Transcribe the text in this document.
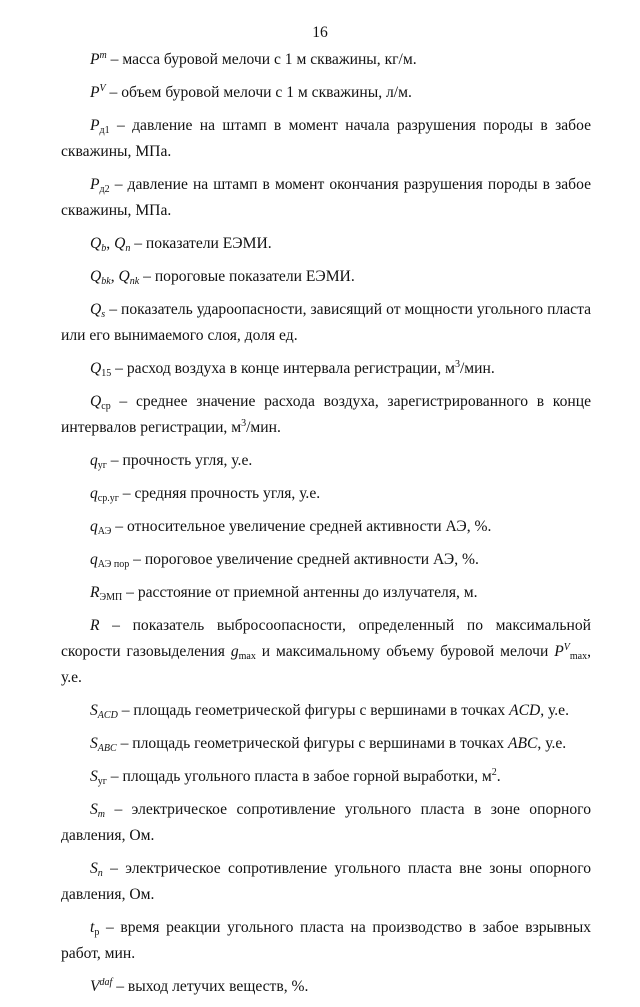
16

$P^m$ – масса буровой мелочи с 1 м скважины, кг/м.

$P^V$ – объем буровой мелочи с 1 м скважины, л/м.

$P_{д1}$ – давление на штамп в момент начала разрушения породы в забое скважины, МПа.

$P_{д2}$ – давление на штамп в момент окончания разрушения породы в забое скважины, МПа.

$Q_b$, $Q_n$ – показатели ЕЭМИ.

$Q_{bk}$, $Q_{nk}$ – пороговые показатели ЕЭМИ.

$Q_s$ – показатель удароопасности, зависящий от мощности угольного пласта или его вынимаемого слоя, доля ед.

$Q_{15}$ – расход воздуха в конце интервала регистрации, $м^3$/мин.

$Q_{ср}$ – среднее значение расхода воздуха, зарегистрированного в конце интервалов регистрации, $м^3$/мин.

$q_{уг}$ – прочность угля, у.е.

$q_{ср.уг}$ – средняя прочность угля, у.е.

$q_{АЭ}$ – относительное увеличение средней активности АЭ, %.

$q_{АЭ пор}$ – пороговое увеличение средней активности АЭ, %.

$R_{ЭМП}$ – расстояние от приемной антенны до излучателя, м.

R – показатель выбросоопасности, определенный по максимальной скорости газовыделения $g_{max}$ и максимальному объему буровой мелочи $P^V_{max}$, у.е.

$S_{ACD}$ – площадь геометрической фигуры с вершинами в точках ACD, у.е.

$S_{ABC}$ – площадь геометрической фигуры с вершинами в точках ABC, у.е.

$S_{уг}$ – площадь угольного пласта в забое горной выработки, $м^2$.

$S_m$ – электрическое сопротивление угольного пласта в зоне опорного давления, Ом.

$S_n$ – электрическое сопротивление угольного пласта вне зоны опорного давления, Ом.

$t_р$ – время реакции угольного пласта на производство в забое взрывных работ, мин.

$V^{daf}$ – выход летучих веществ, %.
